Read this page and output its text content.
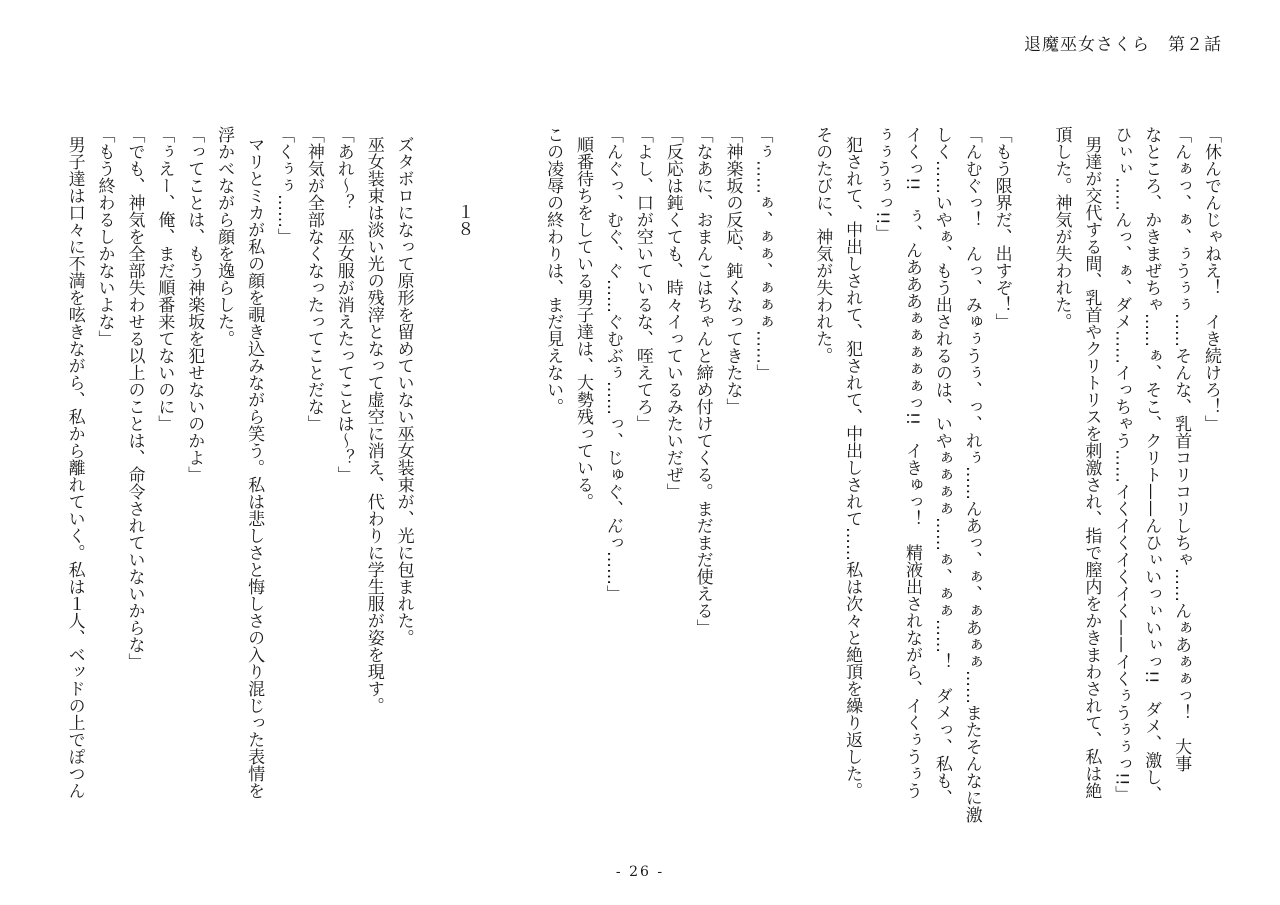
退魔巫女さくら　第２話
「休んでんじゃねえ！　イき続けろ！」
「んぁっ、ぁ、ぅうぅぅ……そんな、乳首コリコリしちゃ……んぁあぁぁっ！　大事
なところ、かきまぜちゃ……ぁ、そこ、クリト——んひぃいっぃいぃっ!!　ダメ、激し、
ひぃぃ……んっ、ぁ、ダメ……イっちゃう……イくイくイくイく——イくぅうぅぅっ!!」
男達が交代する間、乳首やクリトリスを刺激され、指で膣内をかきまわされて、私は絶
頂した。神気が失われた。
「もう限界だ、出すぞ！」
「んむぐっ！　んっ、みゅぅうぅ、っ、れぅ……んあっ、ぁ、ぁあぁぁ……またそんなに激
しく……いやぁ、もう出されるのは、いやぁぁぁぁ……ぁ、ぁぁ……！　ダメっ、私も、
イくっ!!　ぅ、んあああぁぁぁぁぁっ!!　イきゅっ！　精液出されながら、イくぅうぅう
ぅぅうぅっ!!」
犯されて、中出しされて、犯されて、中出しされて……私は次々と絶頂を繰り返した。
そのたびに、神気が失われた。
「ぅ……ぁ、ぁぁ、ぁぁぁ……」
「神楽坂の反応、鈍くなってきたな」
「なあに、おまんこはちゃんと締め付けてくる。まだまだ使える」
「反応は鈍くても、時々イっているみたいだぜ」
「よし、口が空いているな、咥えてろ」
「んぐっ、むぐ、ぐ……ぐむぶぅ……っ、じゅぐ、ん゙っ……」
順番待ちをしている男子達は、大勢残っている。
この凌辱の終わりは、まだ見えない。
１８
ズタボロになって原形を留めていない巫女装束が、光に包まれた。
巫女装束は淡い光の残滓となって虚空に消え、代わりに学生服が姿を現す。
「あれ〜？　巫女服が消えたってことは〜？」
「神気が全部なくなったってことだな」
「くぅぅ……」
マリとミカが私の顔を覗き込みながら笑う。私は悲しさと悔しさの入り混じった表情を
浮かべながら顔を逸らした。
「ってことは、もう神楽坂を犯せないのかよ」
「ぅえー、俺、まだ順番来てないのに」
「でも、神気を全部失わせる以上のことは、命令されていないからな」
「もう終わるしかないよな」
男子達は口々に不満を呟きながら、私から離れていく。私は１人、ベッドの上でぽつん
- 26 -
